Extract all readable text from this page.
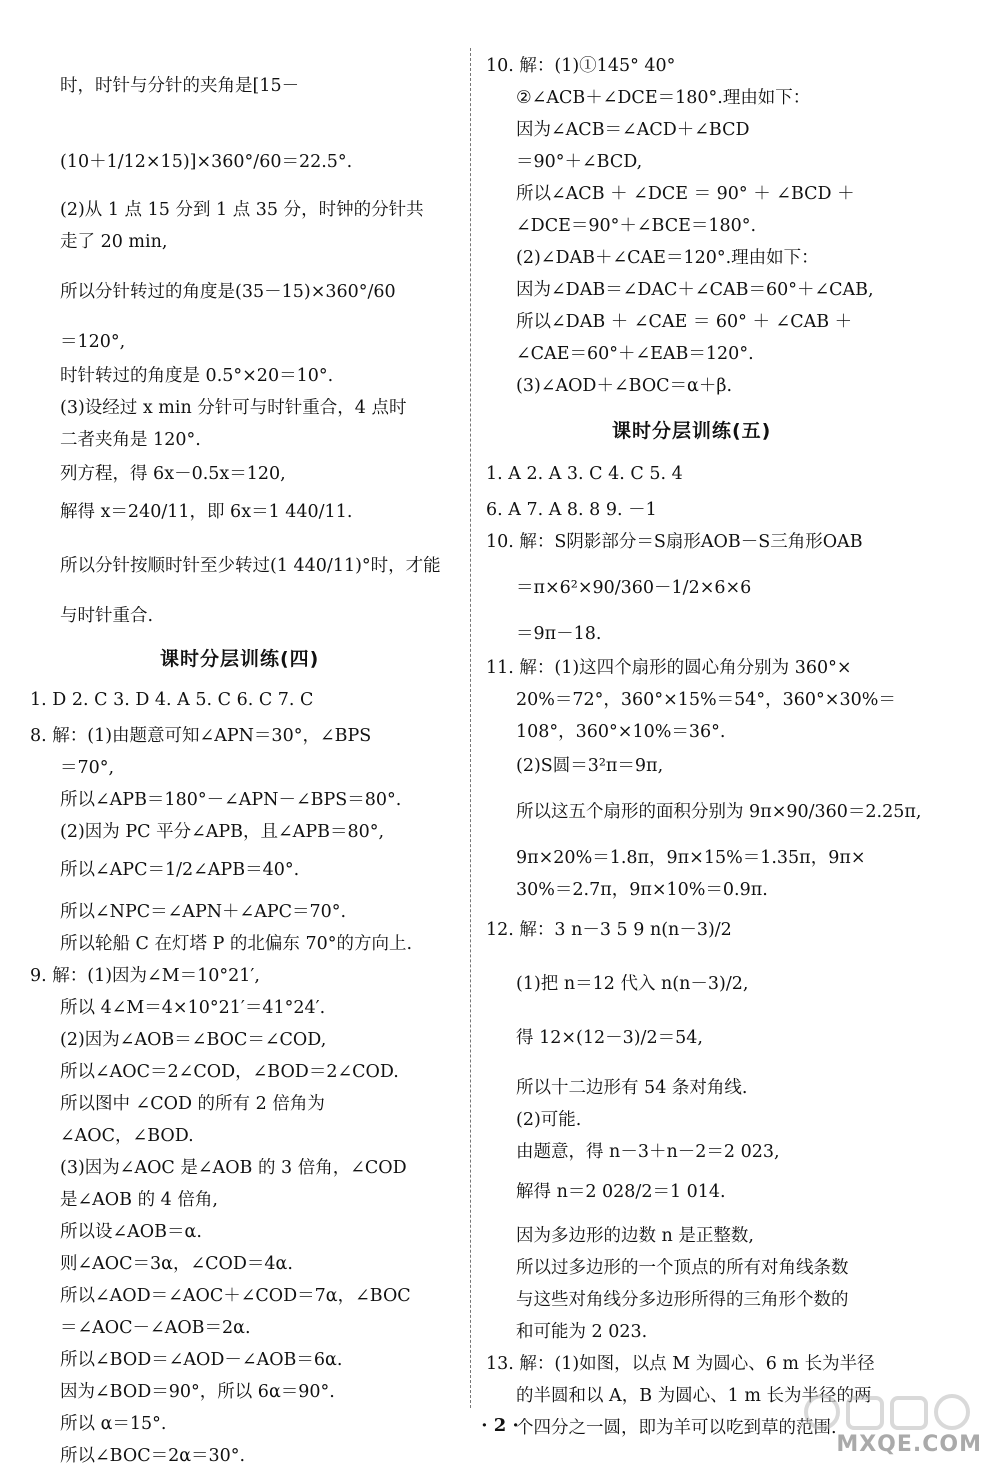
时，时针与分针的夹角是[15－
(10＋1/12×15)]×360°/60＝22.5°.
(2)从 1 点 15 分到 1 点 35 分，时钟的分针共
走了 20 min,
所以分针转过的角度是(35－15)×360°/60
＝120°,
时针转过的角度是 0.5°×20＝10°.
(3)设经过 x min 分针可与时针重合，4 点时
二者夹角是 120°.
列方程，得 6x－0.5x＝120,
解得 x＝240/11，即 6x＝1 440/11.
所以分针按顺时针至少转过(1 440/11)°时，才能
与时针重合.
课时分层训练(四)
1. D 2. C 3. D 4. A 5. C 6. C 7. C
8. 解：(1)由题意可知∠APN＝30°，∠BPS
＝70°,
所以∠APB＝180°－∠APN－∠BPS＝80°.
(2)因为 PC 平分∠APB，且∠APB＝80°,
所以∠APC＝1/2∠APB＝40°.
所以∠NPC＝∠APN＋∠APC＝70°.
所以轮船 C 在灯塔 P 的北偏东 70°的方向上.
9. 解：(1)因为∠M＝10°21′,
所以 4∠M＝4×10°21′＝41°24′.
(2)因为∠AOB＝∠BOC＝∠COD,
所以∠AOC＝2∠COD，∠BOD＝2∠COD.
所以图中 ∠COD 的所有 2 倍角为
∠AOC，∠BOD.
(3)因为∠AOC 是∠AOB 的 3 倍角，∠COD
是∠AOB 的 4 倍角,
所以设∠AOB＝α.
则∠AOC＝3α，∠COD＝4α.
所以∠AOD＝∠AOC＋∠COD＝7α，∠BOC
＝∠AOC－∠AOB＝2α.
所以∠BOD＝∠AOD－∠AOB＝6α.
因为∠BOD＝90°，所以 6α＝90°.
所以 α＝15°.
所以∠BOC＝2α＝30°.
10. 解：(1)①145° 40°
②∠ACB＋∠DCE＝180°.理由如下：
因为∠ACB＝∠ACD＋∠BCD
＝90°＋∠BCD,
所以∠ACB ＋ ∠DCE ＝ 90° ＋ ∠BCD ＋
∠DCE＝90°＋∠BCE＝180°.
(2)∠DAB＋∠CAE＝120°.理由如下：
因为∠DAB＝∠DAC＋∠CAB＝60°＋∠CAB,
所以∠DAB ＋ ∠CAE ＝ 60° ＋ ∠CAB ＋
∠CAE＝60°＋∠EAB＝120°.
(3)∠AOD＋∠BOC＝α＋β.
课时分层训练(五)
1. A 2. A 3. C 4. C 5. 4
6. A 7. A 8. 8 9. －1
10. 解：S阴影部分＝S扇形AOB－S三角形OAB
＝π×6²×90/360－1/2×6×6
＝9π－18.
11. 解：(1)这四个扇形的圆心角分别为 360°×
20%＝72°，360°×15%＝54°，360°×30%＝
108°，360°×10%＝36°.
(2)S圆＝3²π＝9π,
所以这五个扇形的面积分别为 9π×90/360＝2.25π,
9π×20%＝1.8π，9π×15%＝1.35π，9π×
30%＝2.7π，9π×10%＝0.9π.
12. 解：3 n－3 5 9 n(n－3)/2
(1)把 n＝12 代入 n(n－3)/2,
得 12×(12－3)/2＝54,
所以十二边形有 54 条对角线.
(2)可能.
由题意，得 n－3＋n－2＝2 023,
解得 n＝2 028/2＝1 014.
因为多边形的边数 n 是正整数,
所以过多边形的一个顶点的所有对角线条数
与这些对角线分多边形所得的三角形个数的
和可能为 2 023.
13. 解：(1)如图，以点 M 为圆心、6 m 长为半径
的半圆和以 A，B 为圆心、1 m 长为半径的两
个四分之一圆，即为羊可以吃到草的范围.
· 2 ·
MXQE.COM
